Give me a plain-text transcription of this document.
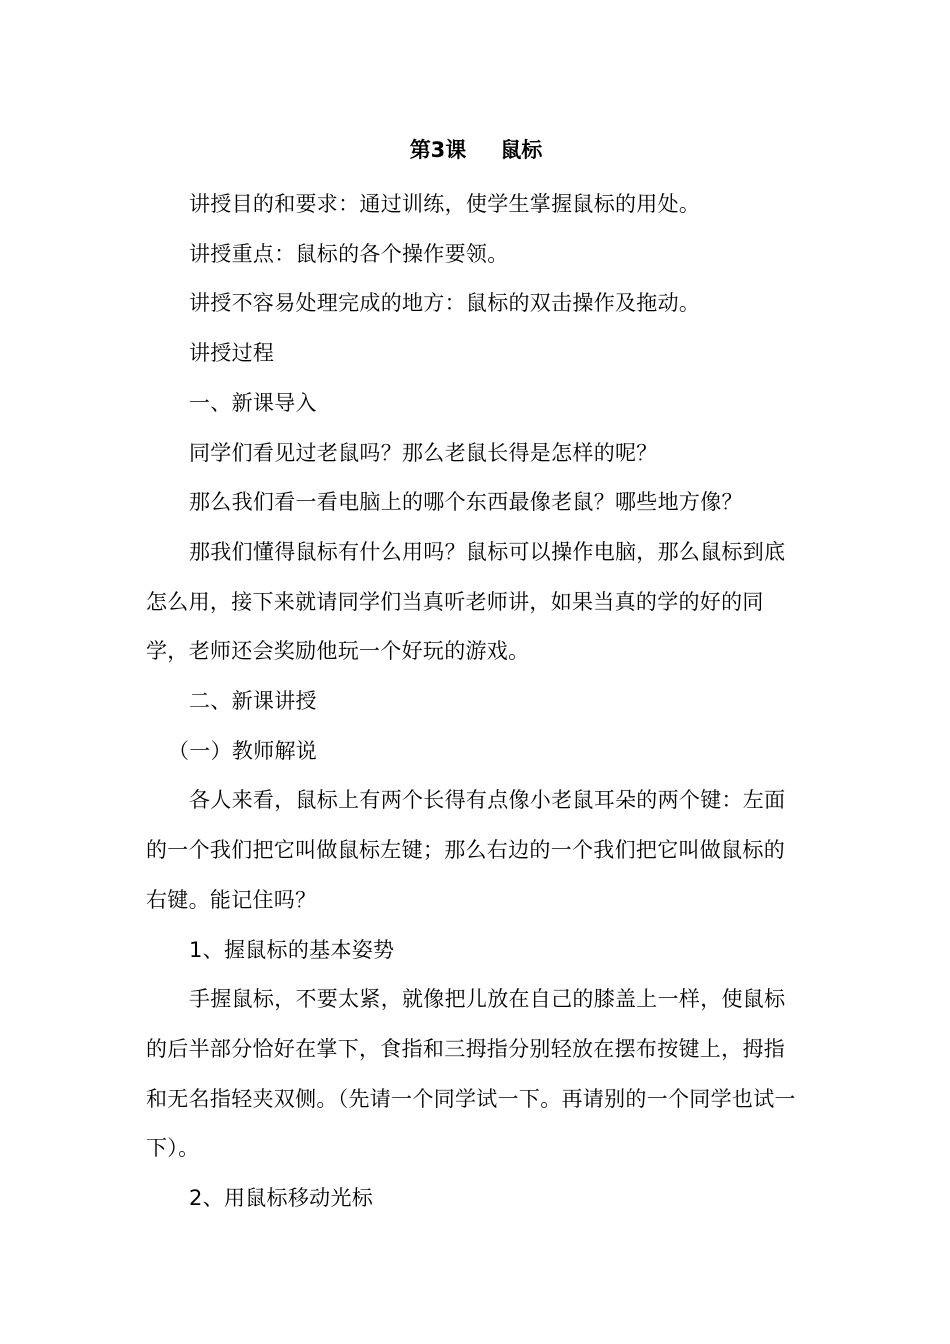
第3课 鼠标

讲授目的和要求：通过训练，使学生掌握鼠标的用处。

讲授重点：鼠标的各个操作要领。

讲授不容易处理完成的地方：鼠标的双击操作及拖动。

讲授过程

一、新课导入

同学们看见过老鼠吗？那么老鼠长得是怎样的呢？

那么我们看一看电脑上的哪个东西最像老鼠？哪些地方像？

那我们懂得鼠标有什么用吗？鼠标可以操作电脑，那么鼠标到底怎么用，接下来就请同学们当真听老师讲，如果当真的学的好的同学，老师还会奖励他玩一个好玩的游戏。

二、新课讲授

（一）教师解说

各人来看，鼠标上有两个长得有点像小老鼠耳朵的两个键：左面的一个我们把它叫做鼠标左键；那么右边的一个我们把它叫做鼠标的右键。能记住吗？

1、握鼠标的基本姿势

手握鼠标，不要太紧，就像把儿放在自己的膝盖上一样，使鼠标的后半部分恰好在掌下，食指和三拇指分别轻放在摆布按键上，拇指和无名指轻夹双侧。（先请一个同学试一下。再请别的一个同学也试一下）。

2、用鼠标移动光标
